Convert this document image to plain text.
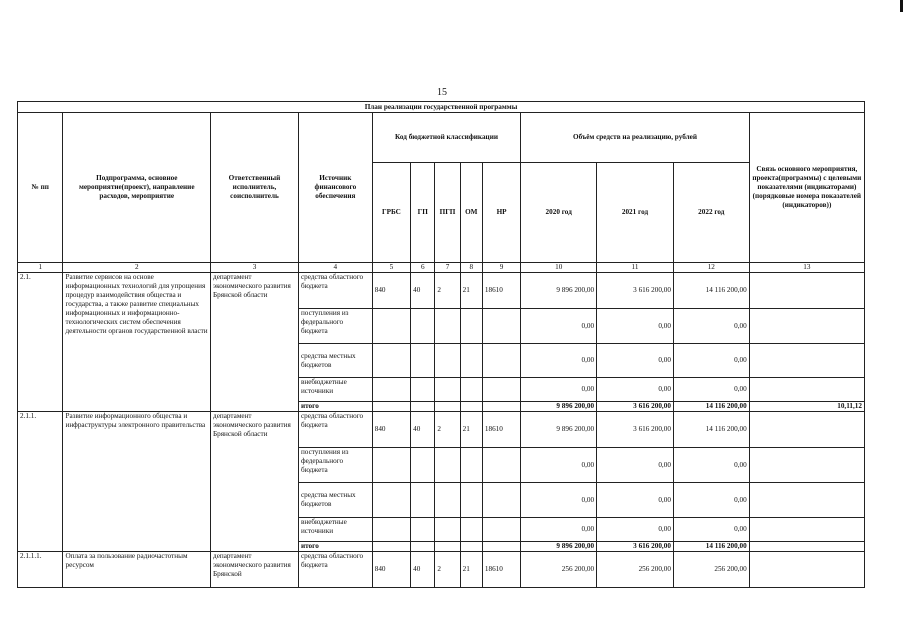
15
План реализации государственной программы												
№ пп	Подпрограмма, основное мероприятие(проект), направление расходов, мероприятие	Ответственный исполнитель, соисполнитель	Источник финансового обеспечения	Код бюджетной классификации					Объём средств на реализацию, рублей			Связь основного мероприятия, проекта(программы) с целевыми показателями (индикаторами) (порядковые номера показателей (индикаторов))
				ГРБС	ГП	ПГП	ОМ	НР	2020 год	2021 год	2022 год	
1	2	3	4	5	6	7	8	9	10	11	12	13
2.1.	Развитие сервисов на основе информационных технологий для упрощения процедур взаимодействия общества и государства, а также развитие специальных информационных и информационно-технологических систем обеспечения деятельности органов государственной власти	департамент экономического развития Брянской области	средства областного бюджета	840	40	2	21	18610	9 896 200,00	3 616 200,00	14 116 200,00	
			поступления из федерального бюджета						0,00	0,00	0,00	
			средства местных бюджетов						0,00	0,00	0,00	
			внебюджетные источники						0,00	0,00	0,00	
			итого						9 896 200,00	3 616 200,00	14 116 200,00	10,11,12
2.1.1.	Развитие информационного общества и инфраструктуры электронного правительства	департамент экономического развития Брянской области	средства областного бюджета	840	40	2	21	18610	9 896 200,00	3 616 200,00	14 116 200,00	
			поступления из федерального бюджета						0,00	0,00	0,00	
			средства местных бюджетов						0,00	0,00	0,00	
			внебюджетные источники						0,00	0,00	0,00	
			итого						9 896 200,00	3 616 200,00	14 116 200,00	
2.1.1.1.	Оплата за пользование радиочастотным ресурсом	департамент экономического развития Брянской	средства областного бюджета	840	40	2	21	18610	256 200,00	256 200,00	256 200,00	
